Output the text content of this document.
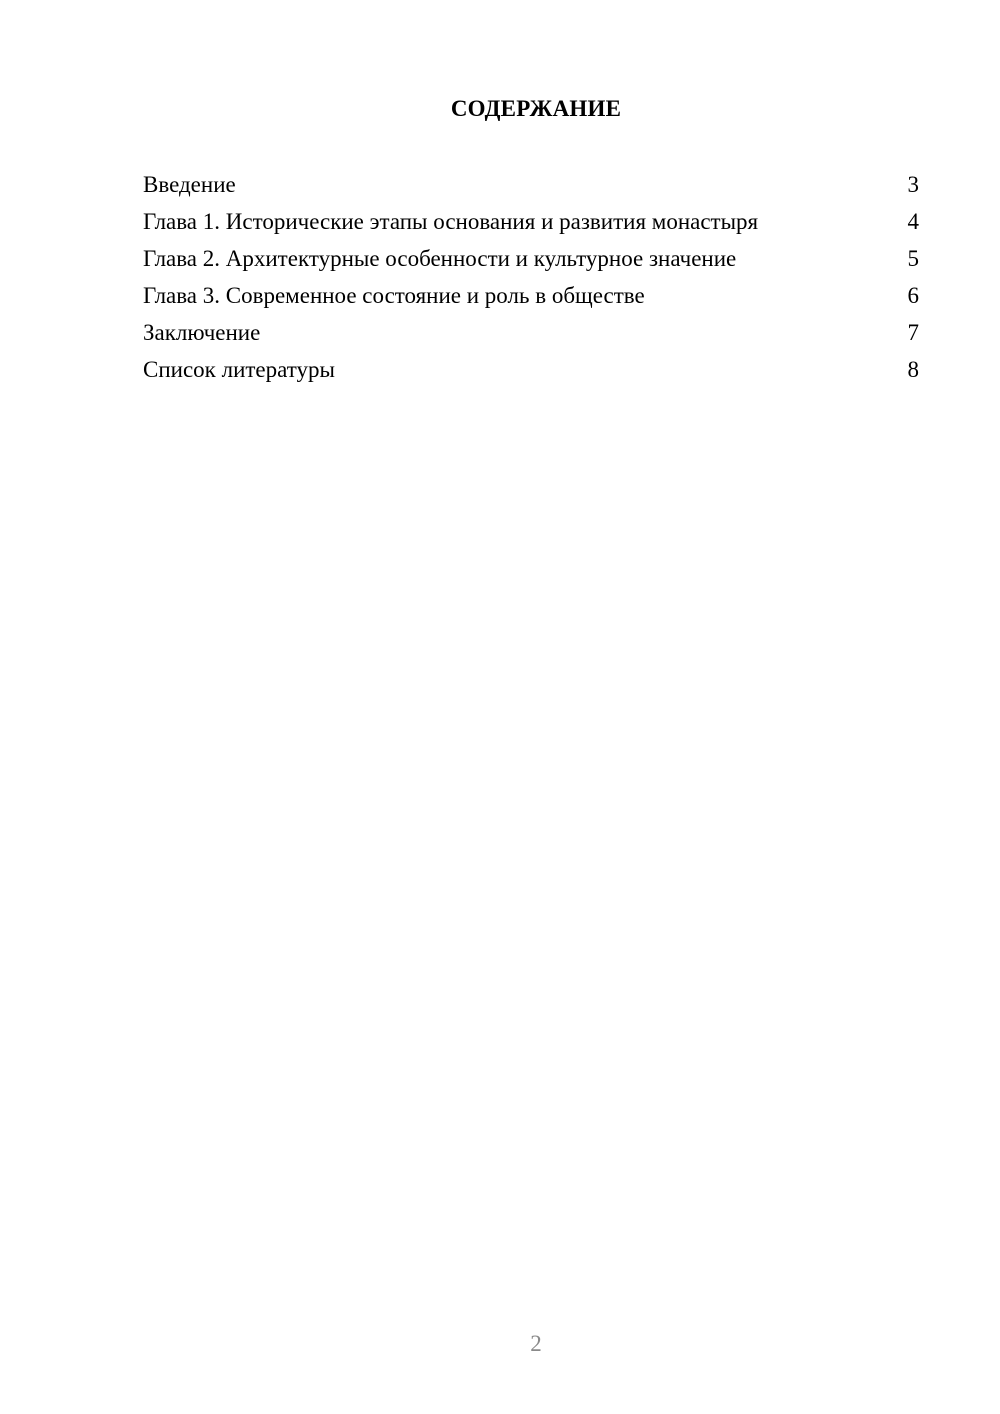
СОДЕРЖАНИЕ
Введение	3
Глава 1. Исторические этапы основания и развития монастыря	4
Глава 2. Архитектурные особенности и культурное значение	5
Глава 3. Современное состояние и роль в обществе	6
Заключение	7
Список литературы	8
2
